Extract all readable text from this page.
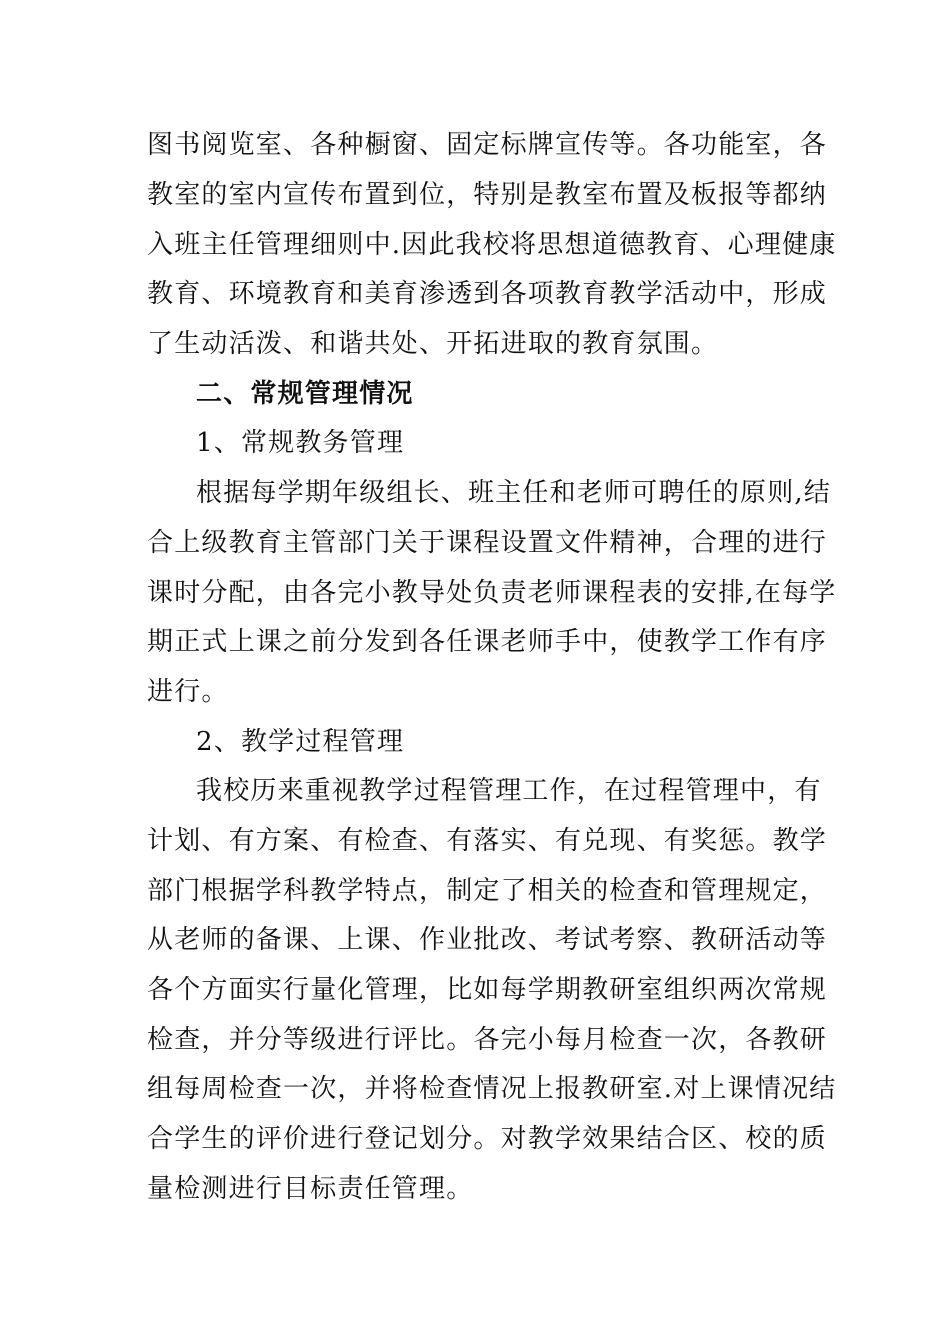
图书阅览室、各种橱窗、固定标牌宣传等。各功能室，各
教室的室内宣传布置到位，特别是教室布置及板报等都纳
入班主任管理细则中.因此我校将思想道德教育、心理健康
教育、环境教育和美育渗透到各项教育教学活动中，形成
了生动活泼、和谐共处、开拓进取的教育氛围。
二、常规管理情况
1、常规教务管理
根据每学期年级组长、班主任和老师可聘任的原则,结
合上级教育主管部门关于课程设置文件精神，合理的进行
课时分配，由各完小教导处负责老师课程表的安排,在每学
期正式上课之前分发到各任课老师手中，使教学工作有序
进行。
2、教学过程管理
我校历来重视教学过程管理工作，在过程管理中，有
计划、有方案、有检查、有落实、有兑现、有奖惩。教学
部门根据学科教学特点，制定了相关的检查和管理规定，
从老师的备课、上课、作业批改、考试考察、教研活动等
各个方面实行量化管理，比如每学期教研室组织两次常规
检查，并分等级进行评比。各完小每月检查一次，各教研
组每周检查一次，并将检查情况上报教研室.对上课情况结
合学生的评价进行登记划分。对教学效果结合区、校的质
量检测进行目标责任管理。
